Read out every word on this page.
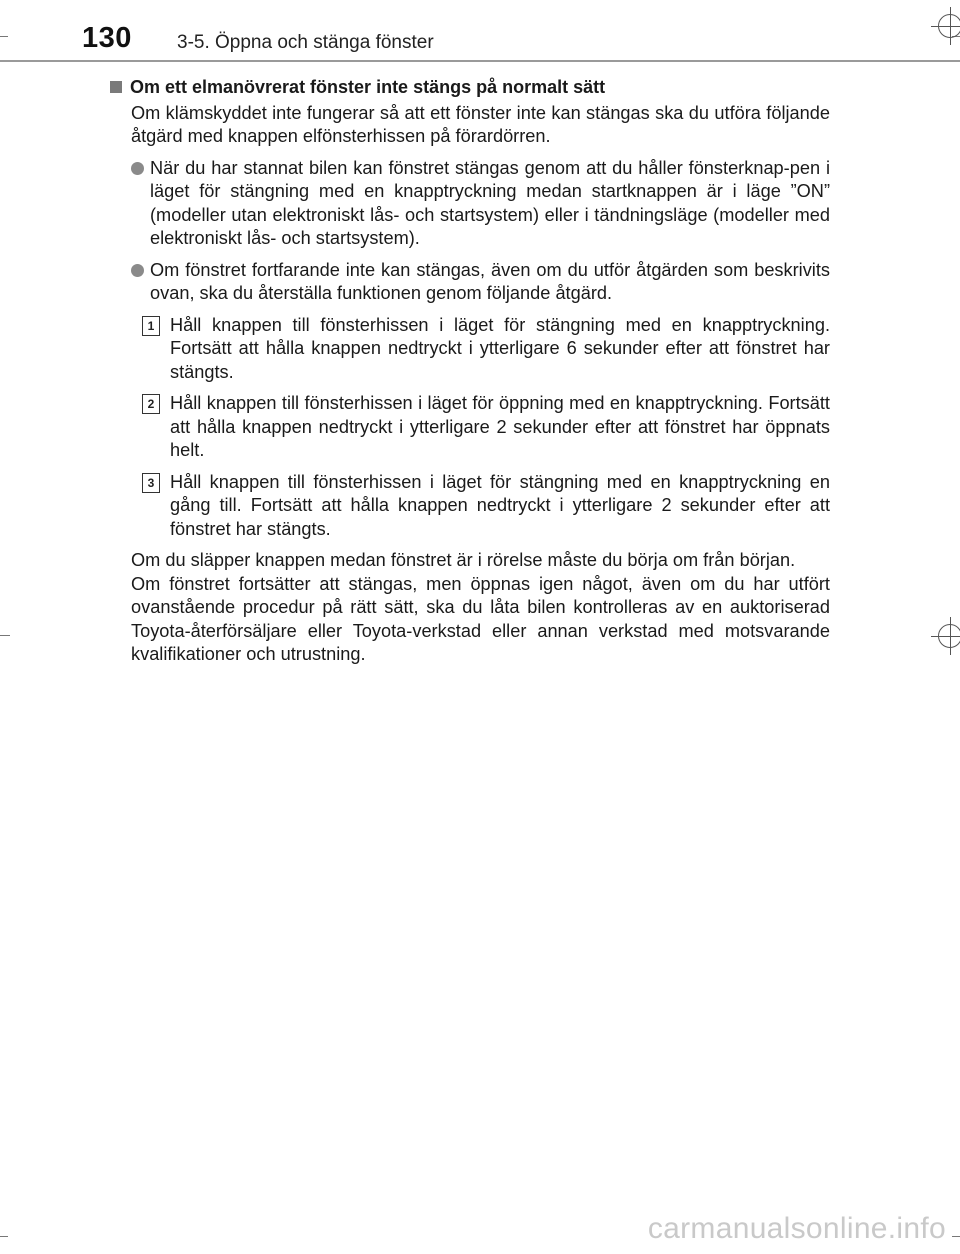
130 3-5. Öppna och stänga fönster
Om ett elmanövrerat fönster inte stängs på normalt sätt

Om klämskyddet inte fungerar så att ett fönster inte kan stängas ska du utföra följande åtgärd med knappen elfönsterhissen på förardörren.

När du har stannat bilen kan fönstret stängas genom att du håller fönsterknap-pen i läget för stängning med en knapptryckning medan startknappen är i läge ”ON” (modeller utan elektroniskt lås- och startsystem) eller i tändningsläge (modeller med elektroniskt lås- och startsystem).
Om fönstret fortfarande inte kan stängas, även om du utför åtgärden som beskrivits ovan, ska du återställa funktionen genom följande åtgärd.
1 Håll knappen till fönsterhissen i läget för stängning med en knapptryckning. Fortsätt att hålla knappen nedtryckt i ytterligare 6 sekunder efter att fönstret har stängts.
2 Håll knappen till fönsterhissen i läget för öppning med en knapptryckning. Fortsätt att hålla knappen nedtryckt i ytterligare 2 sekunder efter att fönstret har öppnats helt.
3 Håll knappen till fönsterhissen i läget för stängning med en knapptryckning en gång till. Fortsätt att hålla knappen nedtryckt i ytterligare 2 sekunder efter att fönstret har stängts.

Om du släpper knappen medan fönstret är i rörelse måste du börja om från början.

Om fönstret fortsätter att stängas, men öppnas igen något, även om du har utfört ovanstående procedur på rätt sätt, ska du låta bilen kontrolleras av en auktoriserad Toyota-återförsäljare eller Toyota-verkstad eller annan verkstad med motsvarande kvalifikationer och utrustning.

carmanualsonline.info
